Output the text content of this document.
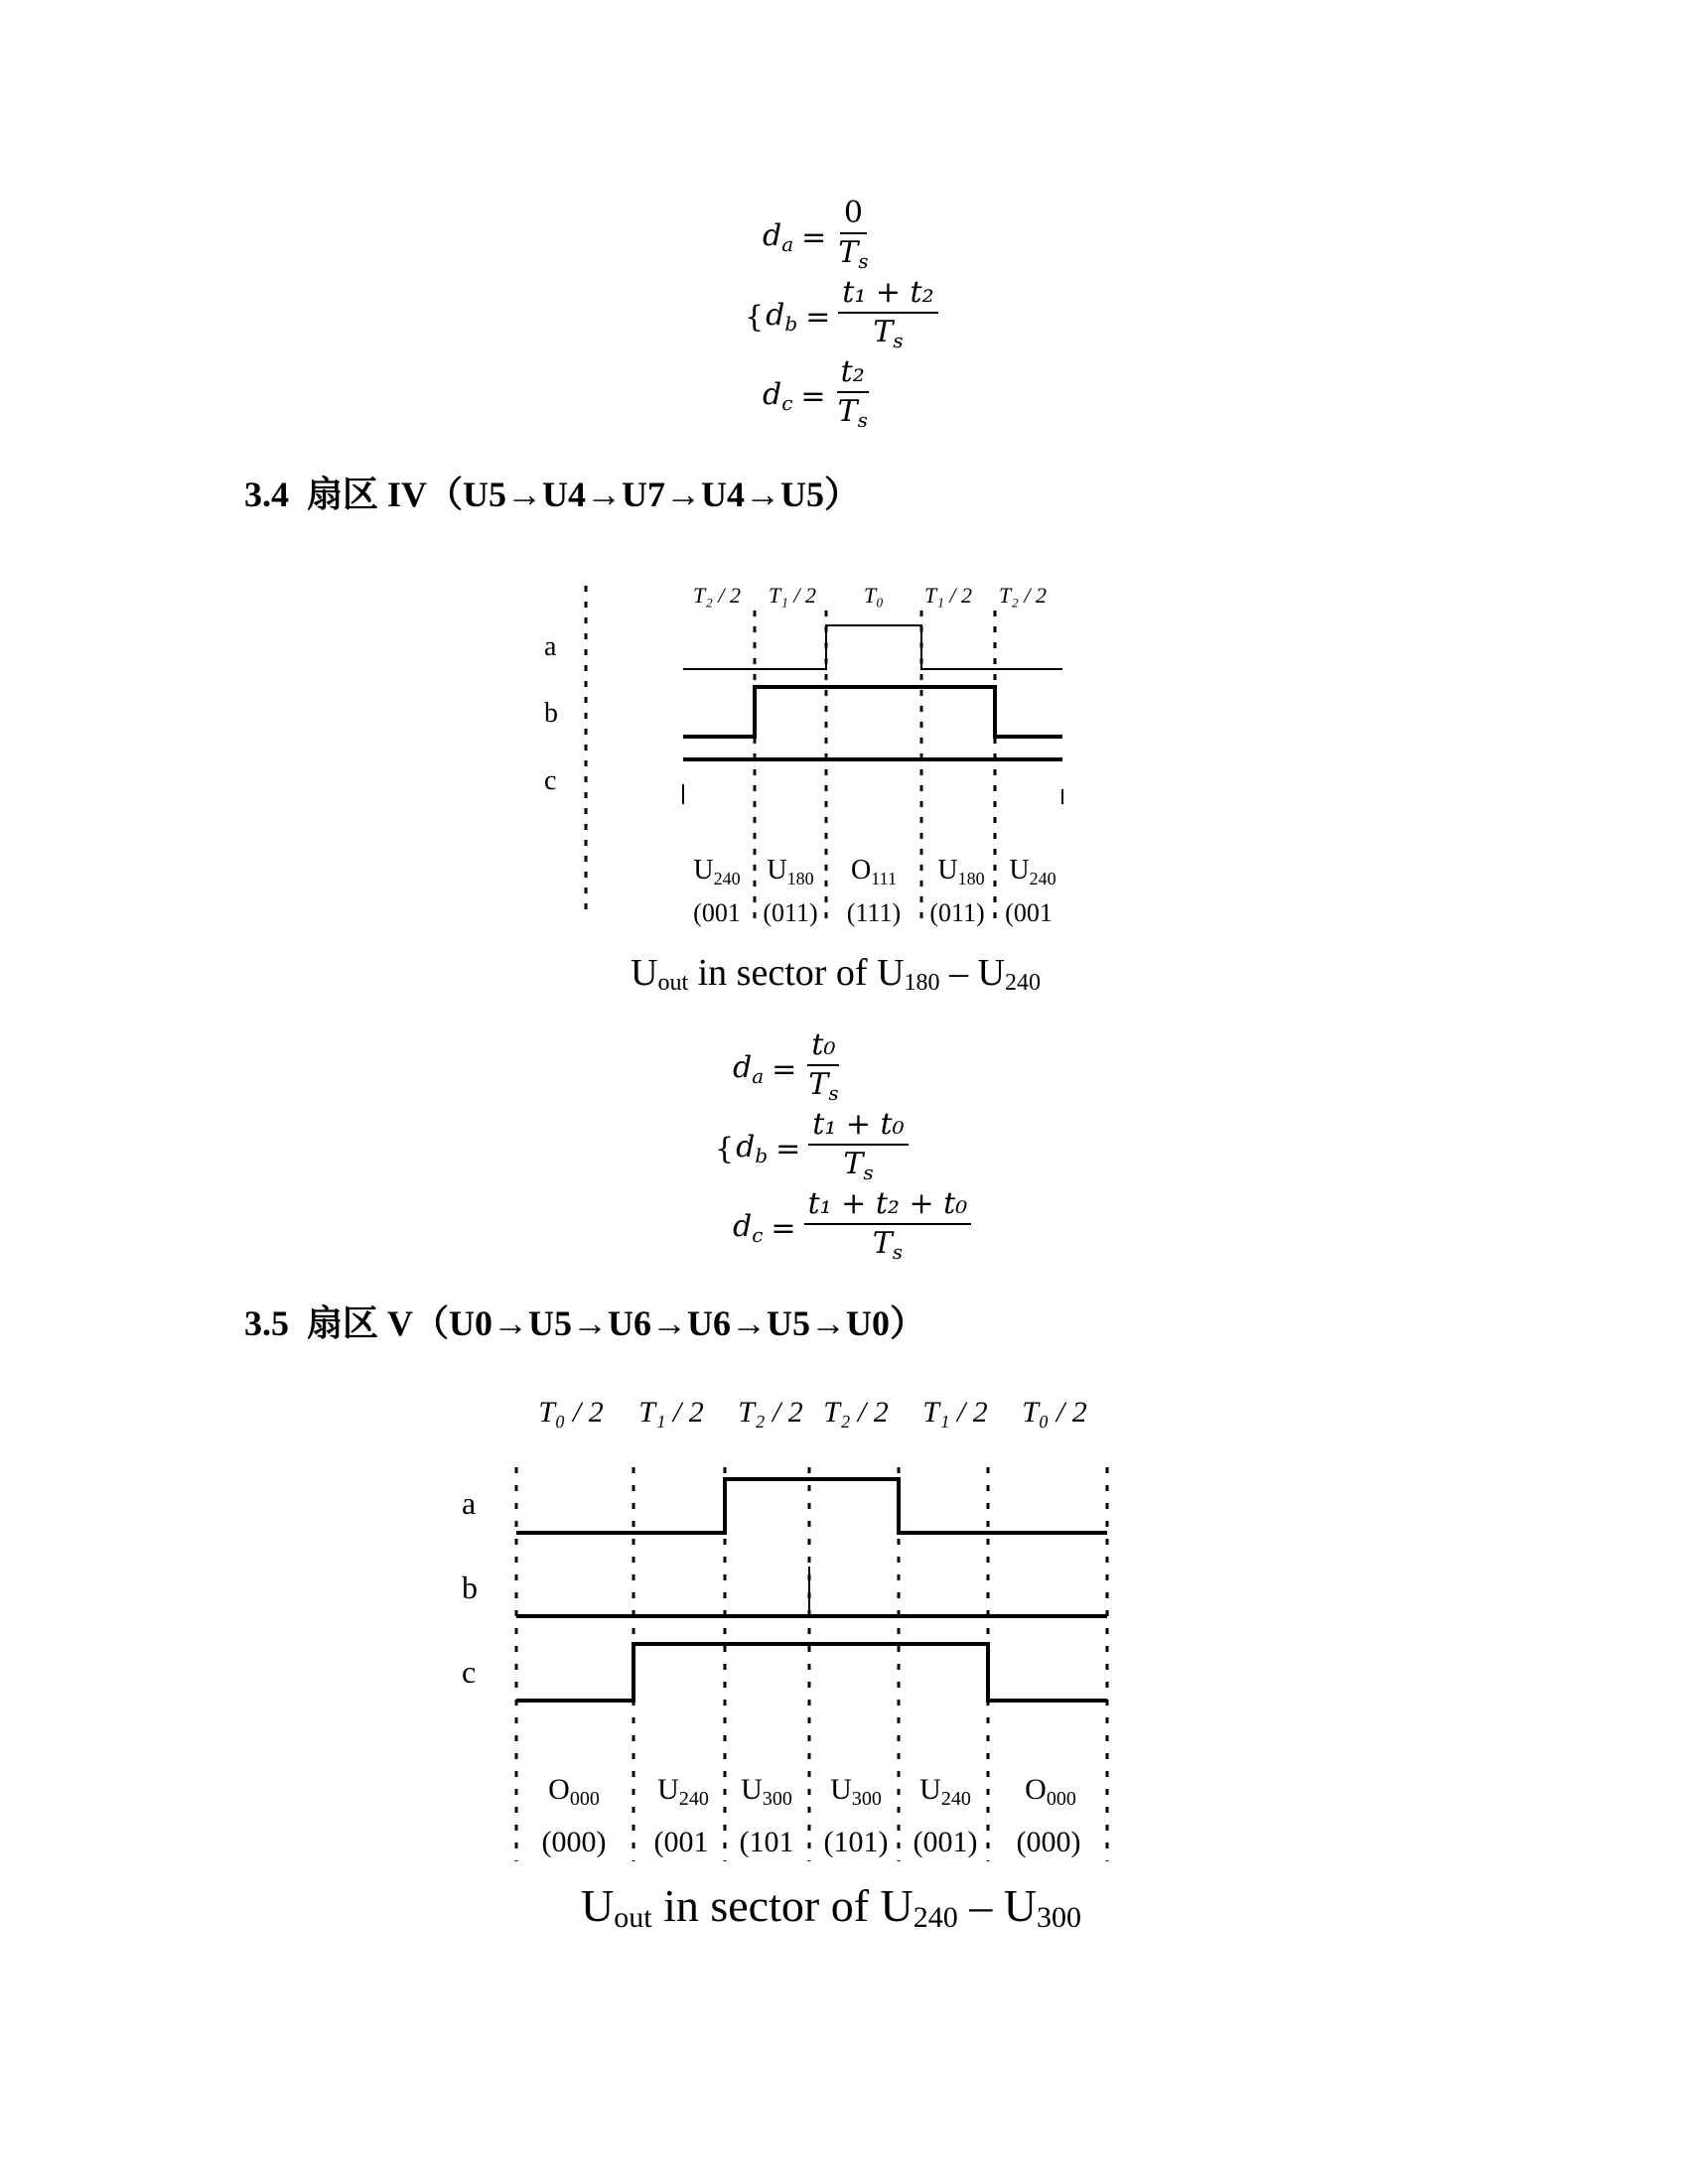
$d_a = \frac{0}{T_s}$
{ $d_b = \frac{\text{t₁ + t₂}}{T_s}$
$d_c = \frac{\text{t₂}}{T_s}$
3.4 扇区 IV（U5→U4→U7→U4→U5）
T₂ / 2 T₁ / 2 T₀ T₁ / 2 T₂ / 2
a
b
c
$U_{240}$ $U_{180}$ $O_{111}$ $U_{180}$ $U_{240}$
(001 (011) (111) (011) (001
Uout in sector of U180 – U240
$d_a = \frac{\text{t₀}}{T_s}$
{ $d_b = \frac{\text{t₁ + t₀}}{T_s}$
$d_c = \frac{\text{t₁ + t₂ + t₀}}{T_s}$
3.5 扇区 V（U0→U5→U6→U6→U5→U0）
T₀ / 2 T₁ / 2 T₂ / 2 T₂ / 2 T₁ / 2 T₀ / 2
a
b
c
$O_{000}$ $U_{240}$ $U_{300}$ $U_{300}$ $U_{240}$ $O_{000}$
(000) (001 (101 (101) (001) (000)
Uout in sector of U240 – U300
